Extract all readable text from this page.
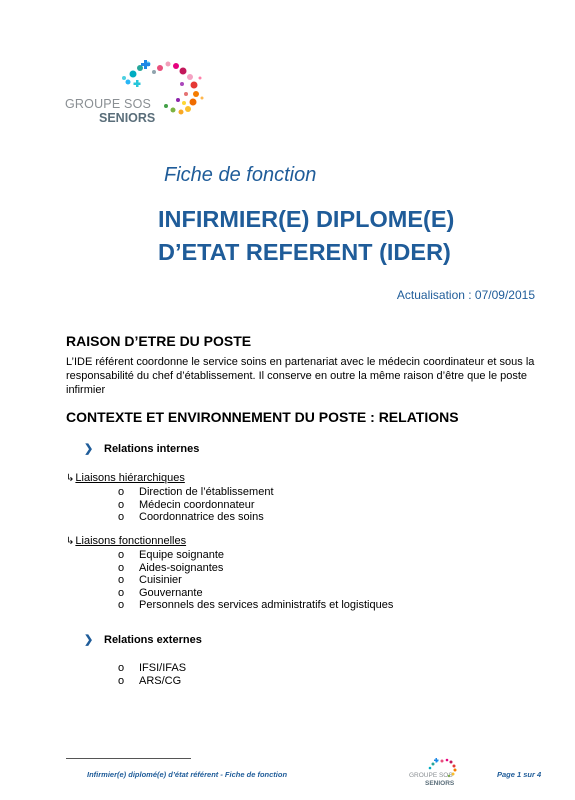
GROUPE SOS
SENIORS
Fiche de fonction
INFIRMIER(E) DIPLOME(E)
D’ETAT REFERENT (IDER)
Actualisation : 07/09/2015
RAISON D’ETRE DU POSTE
L’IDE référent coordonne le service soins en partenariat avec le médecin coordinateur et sous la responsabilité du chef d’établissement. Il conserve en outre la même raison d’être que le poste infirmier
CONTEXTE ET ENVIRONNEMENT DU POSTE : RELATIONS
❯ Relations internes
↳Liaisons hiérarchiques
o Direction de l’établissement
o Médecin coordonnateur
o Coordonnatrice des soins
↳Liaisons fonctionnelles
o Equipe soignante
o Aides-soignantes
o Cuisinier
o Gouvernante
o Personnels des services administratifs et logistiques
❯ Relations externes
o IFSI/IFAS
o ARS/CG
Infirmier(e) diplomé(e) d’état référent - Fiche de fonction	GROUPE SOS
SENIORS
Page 1 sur 4
